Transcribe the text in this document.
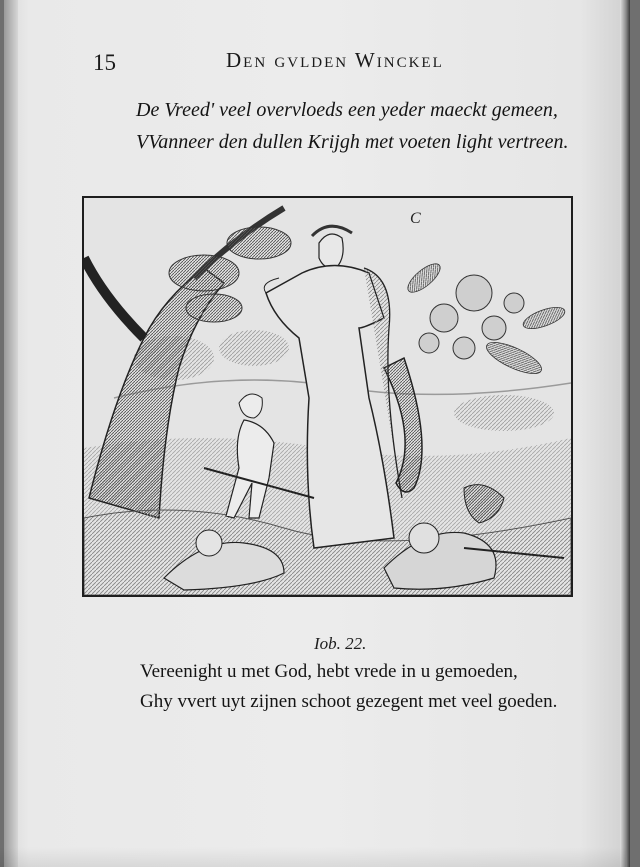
15	Den gvlden Winckel
De Vreed' veel overvloeds een yeder maeckt gemeen,
VVanneer den dullen Krijgh met voeten light vertreen.
C
Iob. 22.
Vereenight u met God, hebt vrede in u gemoeden,
Ghy vvert uyt zijnen schoot gezegent met veel goeden.
